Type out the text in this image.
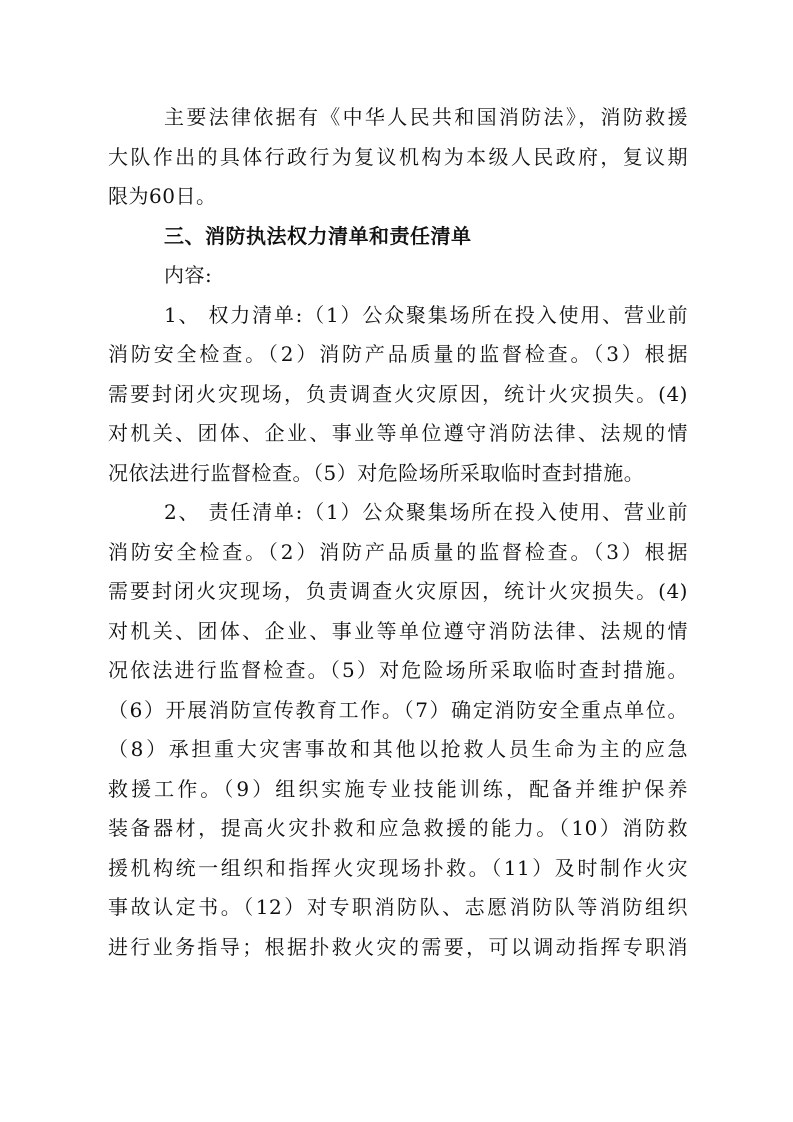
主要法律依据有《中华人民共和国消防法》，消防救援
大队作出的具体行政行为复议机构为本级人民政府，复议期
限为60日。
三、消防执法权力清单和责任清单
内容:
1、 权力清单:（1）公众聚集场所在投入使用、营业前
消防安全检查。（2）消防产品质量的监督检查。（3）根据
需要封闭火灾现场，负责调查火灾原因，统计火灾损失。(4)
对机关、团体、企业、事业等单位遵守消防法律、法规的情
况依法进行监督检查。（5）对危险场所采取临时查封措施。
2、 责任清单:（1）公众聚集场所在投入使用、营业前
消防安全检查。（2）消防产品质量的监督检查。（3）根据
需要封闭火灾现场，负责调查火灾原因，统计火灾损失。(4)
对机关、团体、企业、事业等单位遵守消防法律、法规的情
况依法进行监督检查。（5）对危险场所采取临时查封措施。
（6）开展消防宣传教育工作。（7）确定消防安全重点单位。
（8）承担重大灾害事故和其他以抢救人员生命为主的应急
救援工作。（9）组织实施专业技能训练，配备并维护保养
装备器材，提高火灾扑救和应急救援的能力。（10）消防救
援机构统一组织和指挥火灾现场扑救。（11）及时制作火灾
事故认定书。（12）对专职消防队、志愿消防队等消防组织
进行业务指导；根据扑救火灾的需要，可以调动指挥专职消
